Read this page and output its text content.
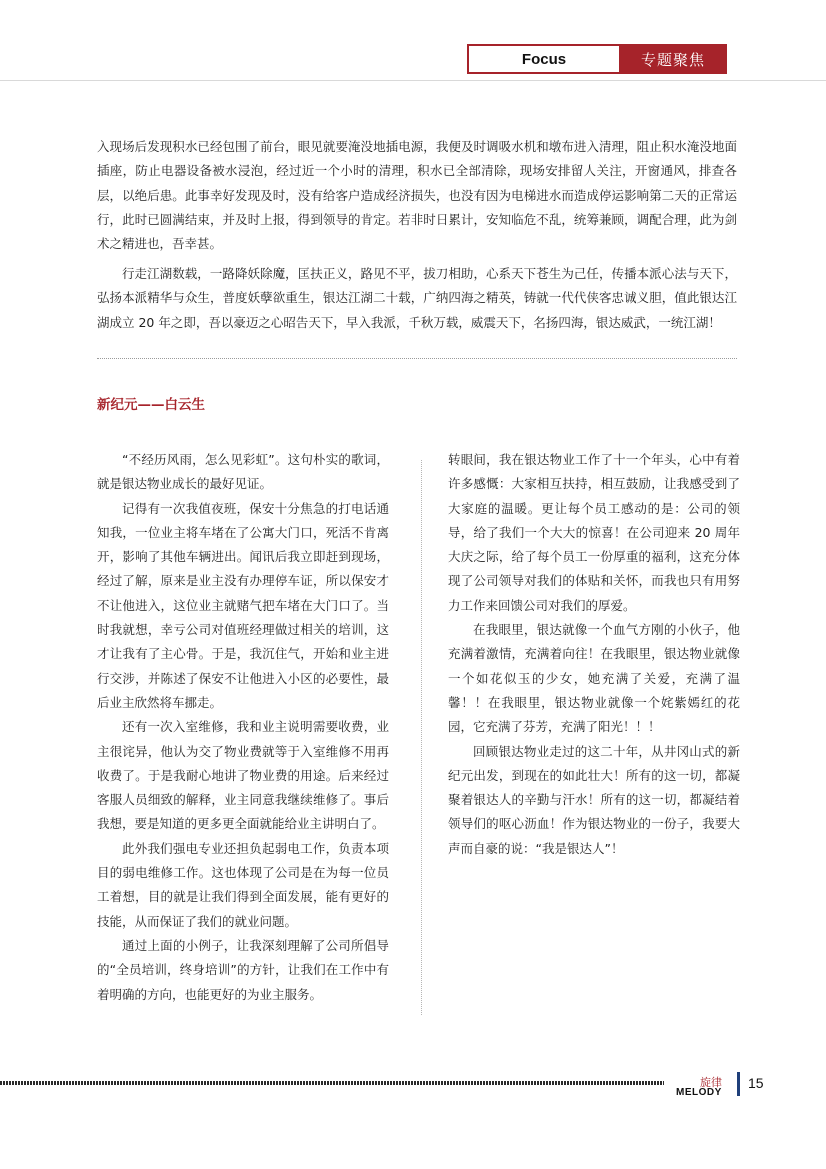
Focus	专题聚焦

入现场后发现积水已经包围了前台，眼见就要淹没地插电源，我便及时调吸水机和墩布进入清理，阻止积水淹没地面插座，防止电器设备被水浸泡，经过近一个小时的清理，积水已全部清除，现场安排留人关注，开窗通风，排查各层，以绝后患。此事幸好发现及时，没有给客户造成经济损失，也没有因为电梯进水而造成停运影响第二天的正常运行，此时已圆满结束，并及时上报，得到领导的肯定。若非时日累计，安知临危不乱，统筹兼顾，调配合理，此为剑术之精进也，吾幸甚。

行走江湖数载，一路降妖除魔，匡扶正义，路见不平，拔刀相助，心系天下苍生为己任，传播本派心法与天下，弘扬本派精华与众生，普度妖孽欲重生，银达江湖二十载，广纳四海之精英，铸就一代代侠客忠诚义胆，值此银达江湖成立 20 年之即，吾以豪迈之心昭告天下，早入我派，千秋万载，威震天下，名扬四海，银达威武，一统江湖！

新纪元——白云生

“不经历风雨，怎么见彩虹”。这句朴实的歌词，就是银达物业成长的最好见证。

记得有一次我值夜班，保安十分焦急的打电话通知我，一位业主将车堵在了公寓大门口，死活不肯离开，影响了其他车辆进出。闻讯后我立即赶到现场，经过了解，原来是业主没有办理停车证，所以保安才不让他进入，这位业主就赌气把车堵在大门口了。当时我就想，幸亏公司对值班经理做过相关的培训，这才让我有了主心骨。于是，我沉住气，开始和业主进行交涉，并陈述了保安不让他进入小区的必要性，最后业主欣然将车挪走。

还有一次入室维修，我和业主说明需要收费，业主很诧异，他认为交了物业费就等于入室维修不用再收费了。于是我耐心地讲了物业费的用途。后来经过客服人员细致的解释，业主同意我继续维修了。事后我想，要是知道的更多更全面就能给业主讲明白了。

此外我们强电专业还担负起弱电工作，负责本项目的弱电维修工作。这也体现了公司是在为每一位员工着想，目的就是让我们得到全面发展，能有更好的技能，从而保证了我们的就业问题。

通过上面的小例子，让我深刻理解了公司所倡导的“全员培训，终身培训”的方针，让我们在工作中有着明确的方向，也能更好的为业主服务。

转眼间，我在银达物业工作了十一个年头，心中有着许多感慨：大家相互扶持，相互鼓励，让我感受到了大家庭的温暖。更让每个员工感动的是：公司的领导，给了我们一个大大的惊喜！在公司迎来 20 周年大庆之际，给了每个员工一份厚重的福利，这充分体现了公司领导对我们的体贴和关怀，而我也只有用努力工作来回馈公司对我们的厚爱。

在我眼里，银达就像一个血气方刚的小伙子，他充满着激情，充满着向往！在我眼里，银达物业就像一个如花似玉的少女，她充满了关爱，充满了温馨！！在我眼里，银达物业就像一个姹紫嫣红的花园，它充满了芬芳，充满了阳光！！！

回顾银达物业走过的这二十年，从井冈山式的新纪元出发，到现在的如此壮大！所有的这一切，都凝聚着银达人的辛勤与汗水！所有的这一切，都凝结着领导们的呕心沥血！作为银达物业的一份子，我要大声而自豪的说：“我是银达人”！

旋律

MELODY

15
